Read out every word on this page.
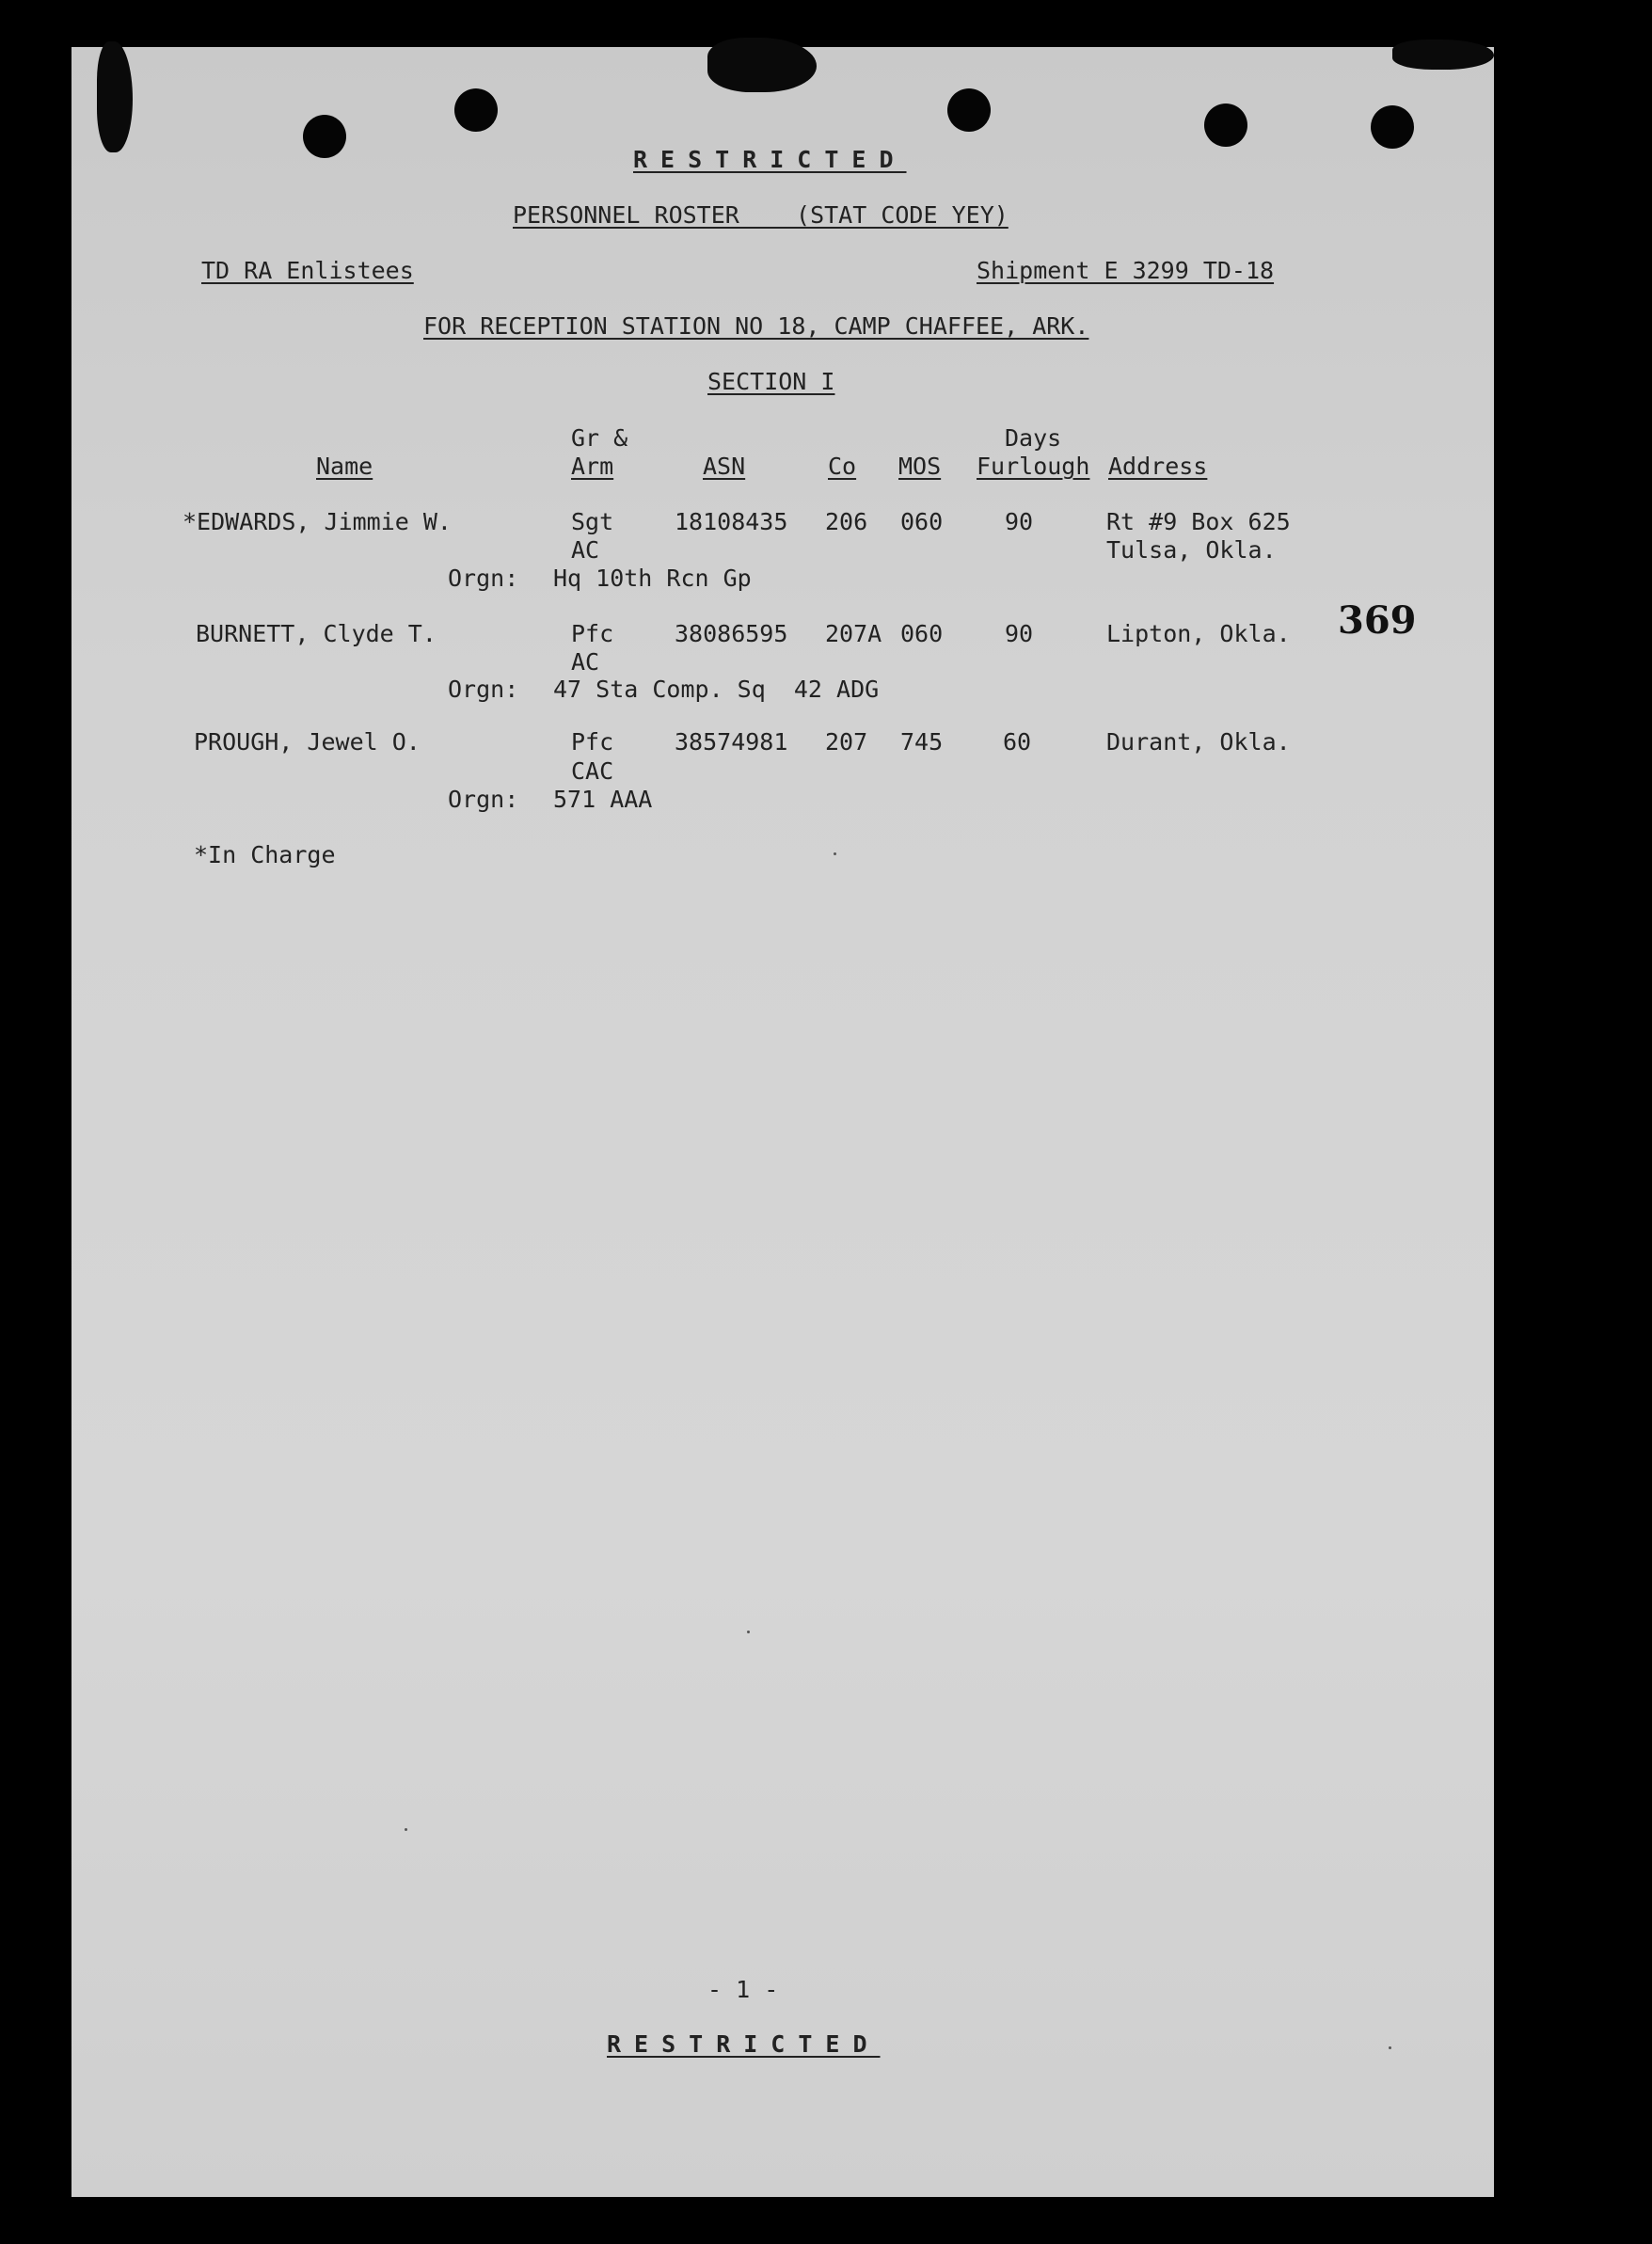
RESTRICTED
PERSONNEL ROSTER    (STAT CODE YEY)
TD RA Enlistees	Shipment E 3299 TD-18
FOR RECEPTION STATION NO 18, CAMP CHAFFEE, ARK.
SECTION I
Gr &	Days
Name	Arm	ASN	Co MOS Furlough Address
*EDWARDS, Jimmie W.	Sgt	18108435 206 060	90	Rt #9 Box 625
AC	Tulsa, Okla.
Orgn: Hq 10th Rcn Gp
BURNETT, Clyde T.	Pfc	38086595 207A 060	90	Lipton, Okla.
AC
Orgn: 47 Sta Comp. Sq  42 ADG
PROUGH, Jewel O.	Pfc	38574981 207 745	60	Durant, Okla.
CAC
Orgn: 571 AAA
*In Charge
369
- 1 -
RESTRICTED
